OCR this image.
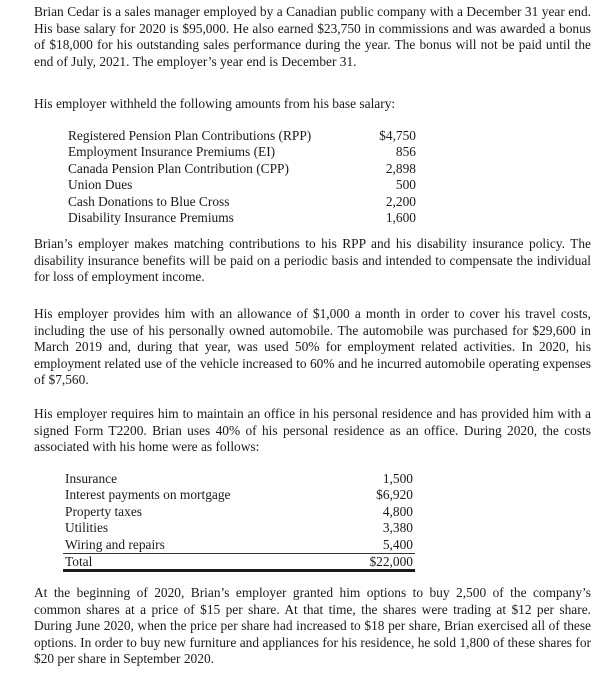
Brian Cedar is a sales manager employed by a Canadian public company with a December 31 year end. His base salary for 2020 is $95,000. He also earned $23,750 in commissions and was awarded a bonus of $18,000 for his outstanding sales performance during the year. The bonus will not be paid until the end of July, 2021. The employer’s year end is December 31.

His employer withheld the following amounts from his base salary:

Registered Pension Plan Contributions (RPP)	$4,750
Employment Insurance Premiums (EI)	856
Canada Pension Plan Contribution (CPP)	2,898
Union Dues	500
Cash Donations to Blue Cross	2,200
Disability Insurance Premiums	1,600

Brian’s employer makes matching contributions to his RPP and his disability insurance policy. The disability insurance benefits will be paid on a periodic basis and intended to compensate the individual for loss of employment income.

His employer provides him with an allowance of $1,000 a month in order to cover his travel costs, including the use of his personally owned automobile. The automobile was purchased for $29,600 in March 2019 and, during that year, was used 50% for employment related activities. In 2020, his employment related use of the vehicle increased to 60% and he incurred automobile operating expenses of $7,560.

His employer requires him to maintain an office in his personal residence and has provided him with a signed Form T2200. Brian uses 40% of his personal residence as an office. During 2020, the costs associated with his home were as follows:

Insurance	1,500
Interest payments on mortgage	$6,920
Property taxes	4,800
Utilities	3,380
Wiring and repairs	5,400
Total	$22,000

At the beginning of 2020, Brian’s employer granted him options to buy 2,500 of the company’s common shares at a price of $15 per share. At that time, the shares were trading at $12 per share. During June 2020, when the price per share had increased to $18 per share, Brian exercised all of these options. In order to buy new furniture and appliances for his residence, he sold 1,800 of these shares for $20 per share in September 2020.
